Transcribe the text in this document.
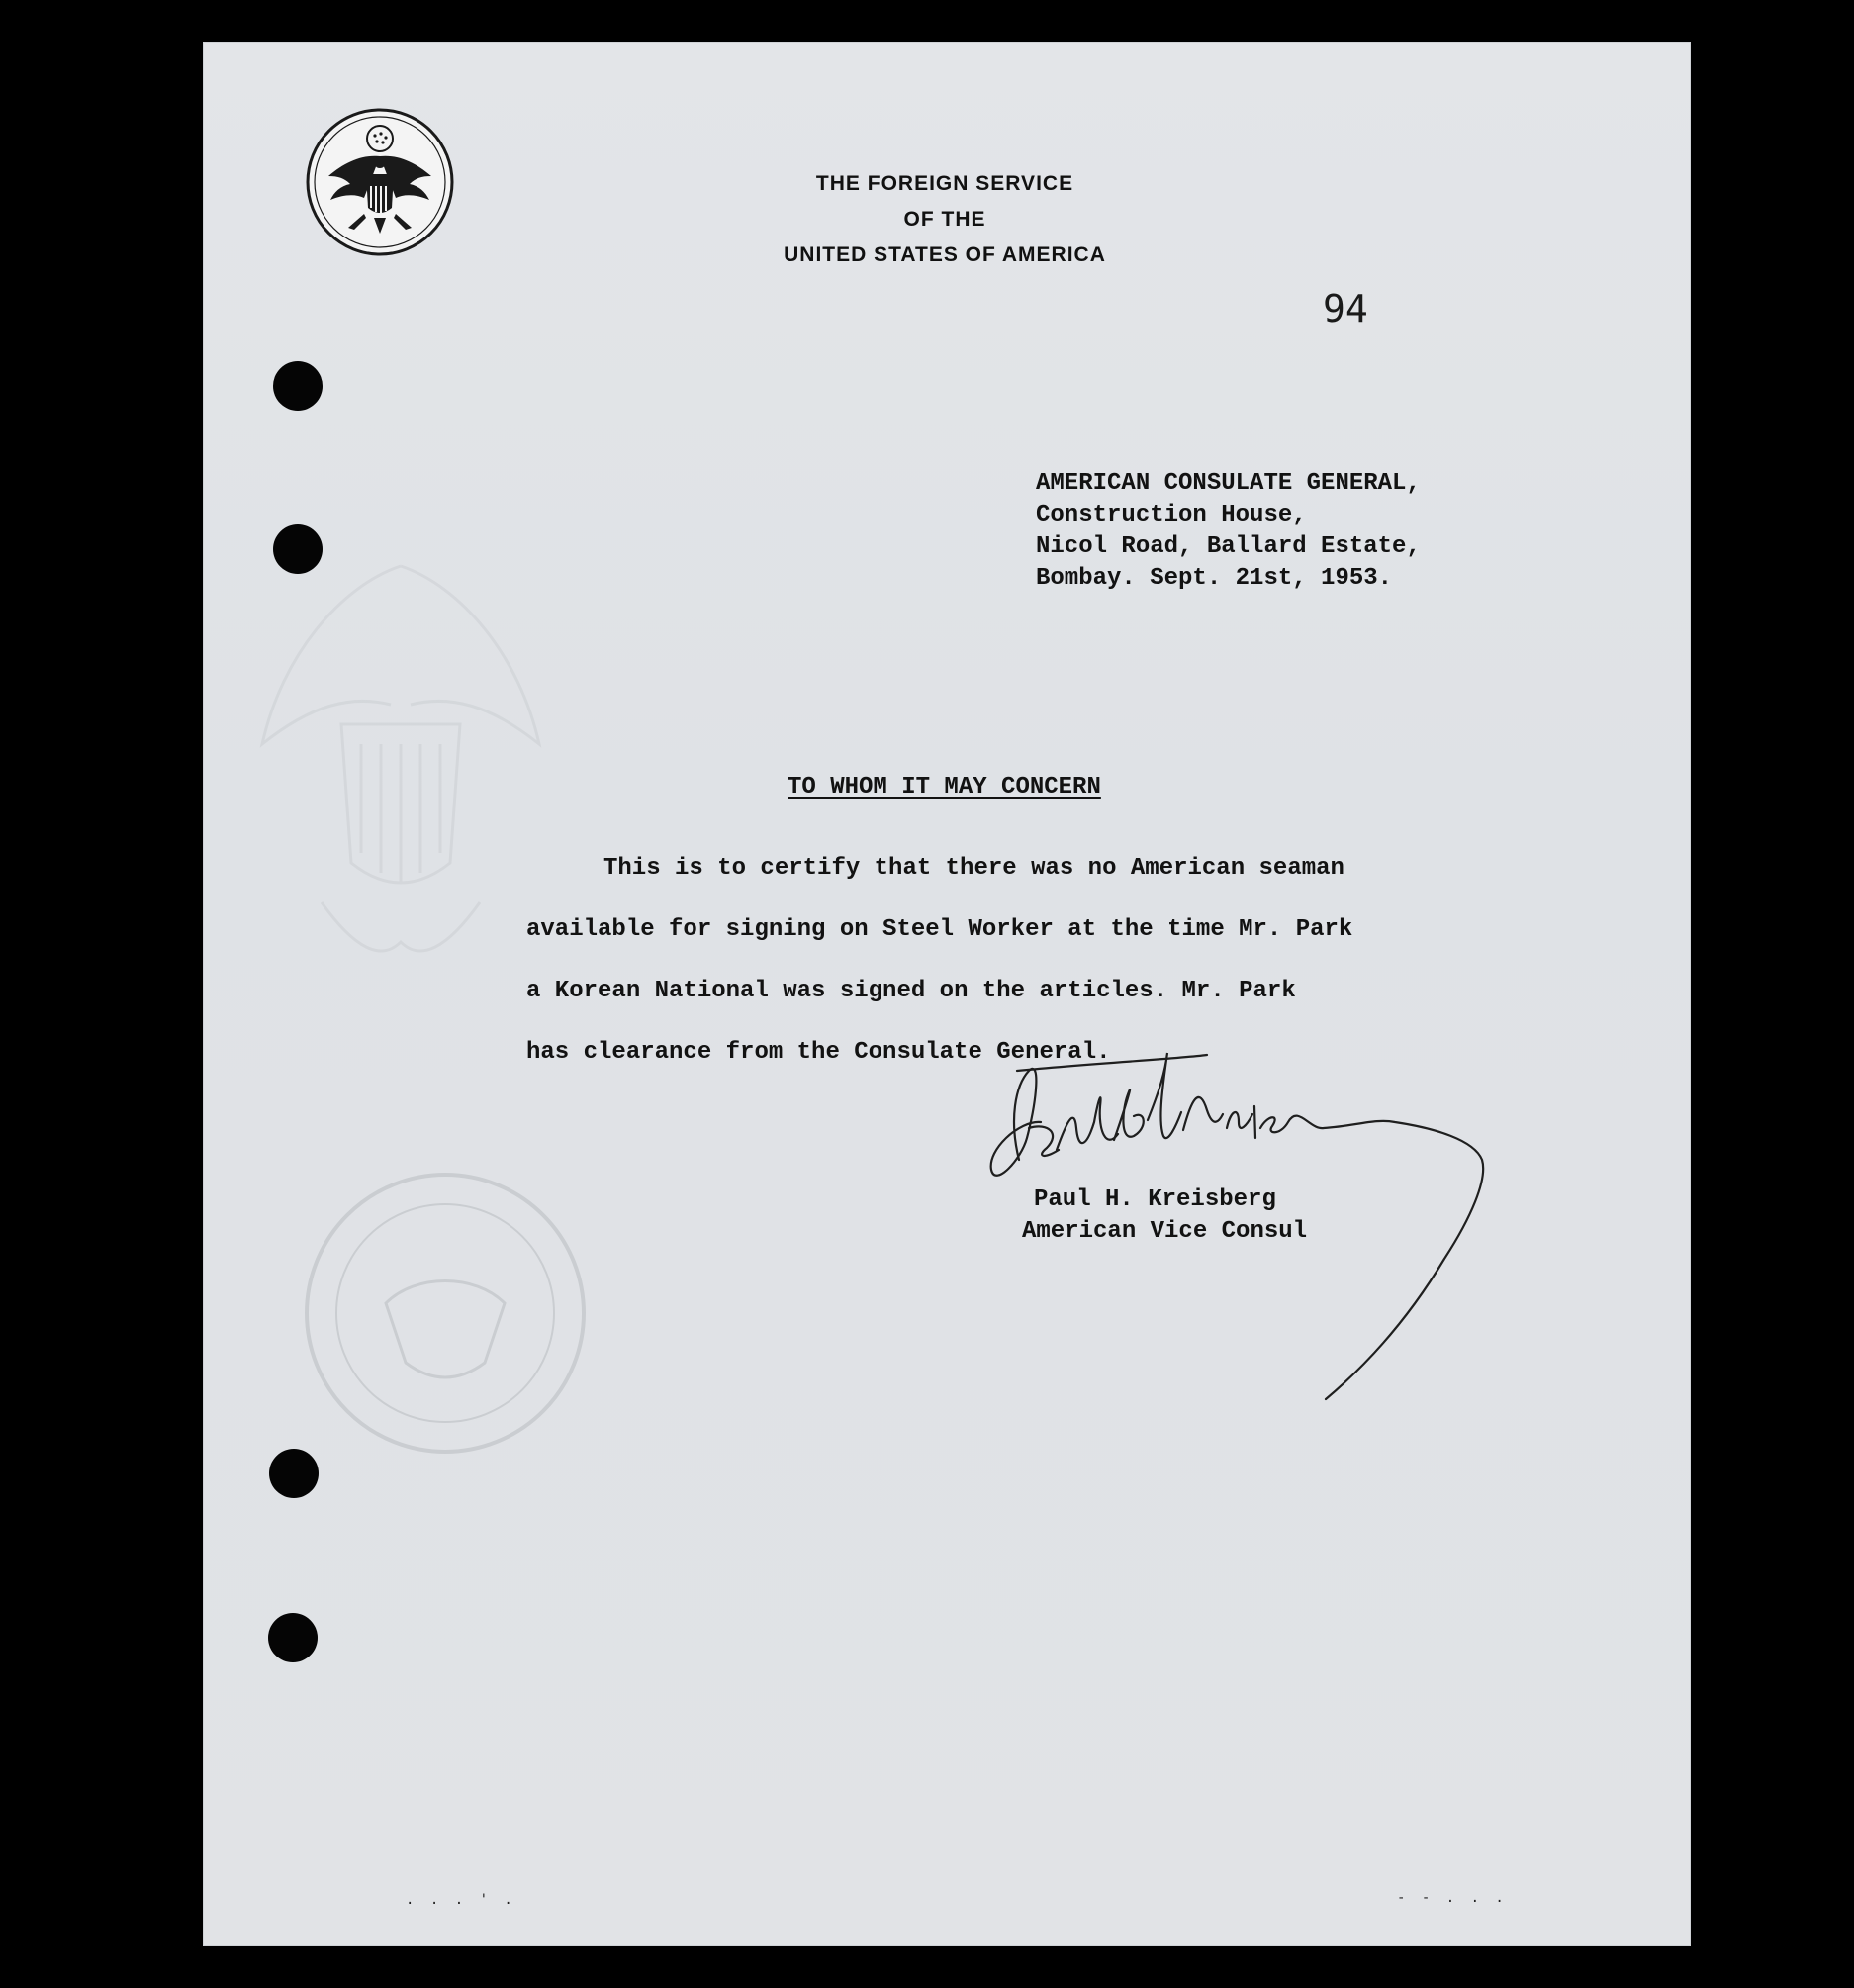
THE FOREIGN SERVICE
OF THE
UNITED STATES OF AMERICA
94
AMERICAN CONSULATE GENERAL,
Construction House,
Nicol Road, Ballard Estate,
Bombay. Sept. 21st, 1953.
TO WHOM IT MAY CONCERN
This is to certify that there was no American seaman
available for signing on Steel Worker at the time Mr. Park
a Korean National was signed on the articles. Mr. Park
has clearance from the Consulate General.
Paul H. Kreisberg
American Vice Consul
. . . ' .	- - . . .
